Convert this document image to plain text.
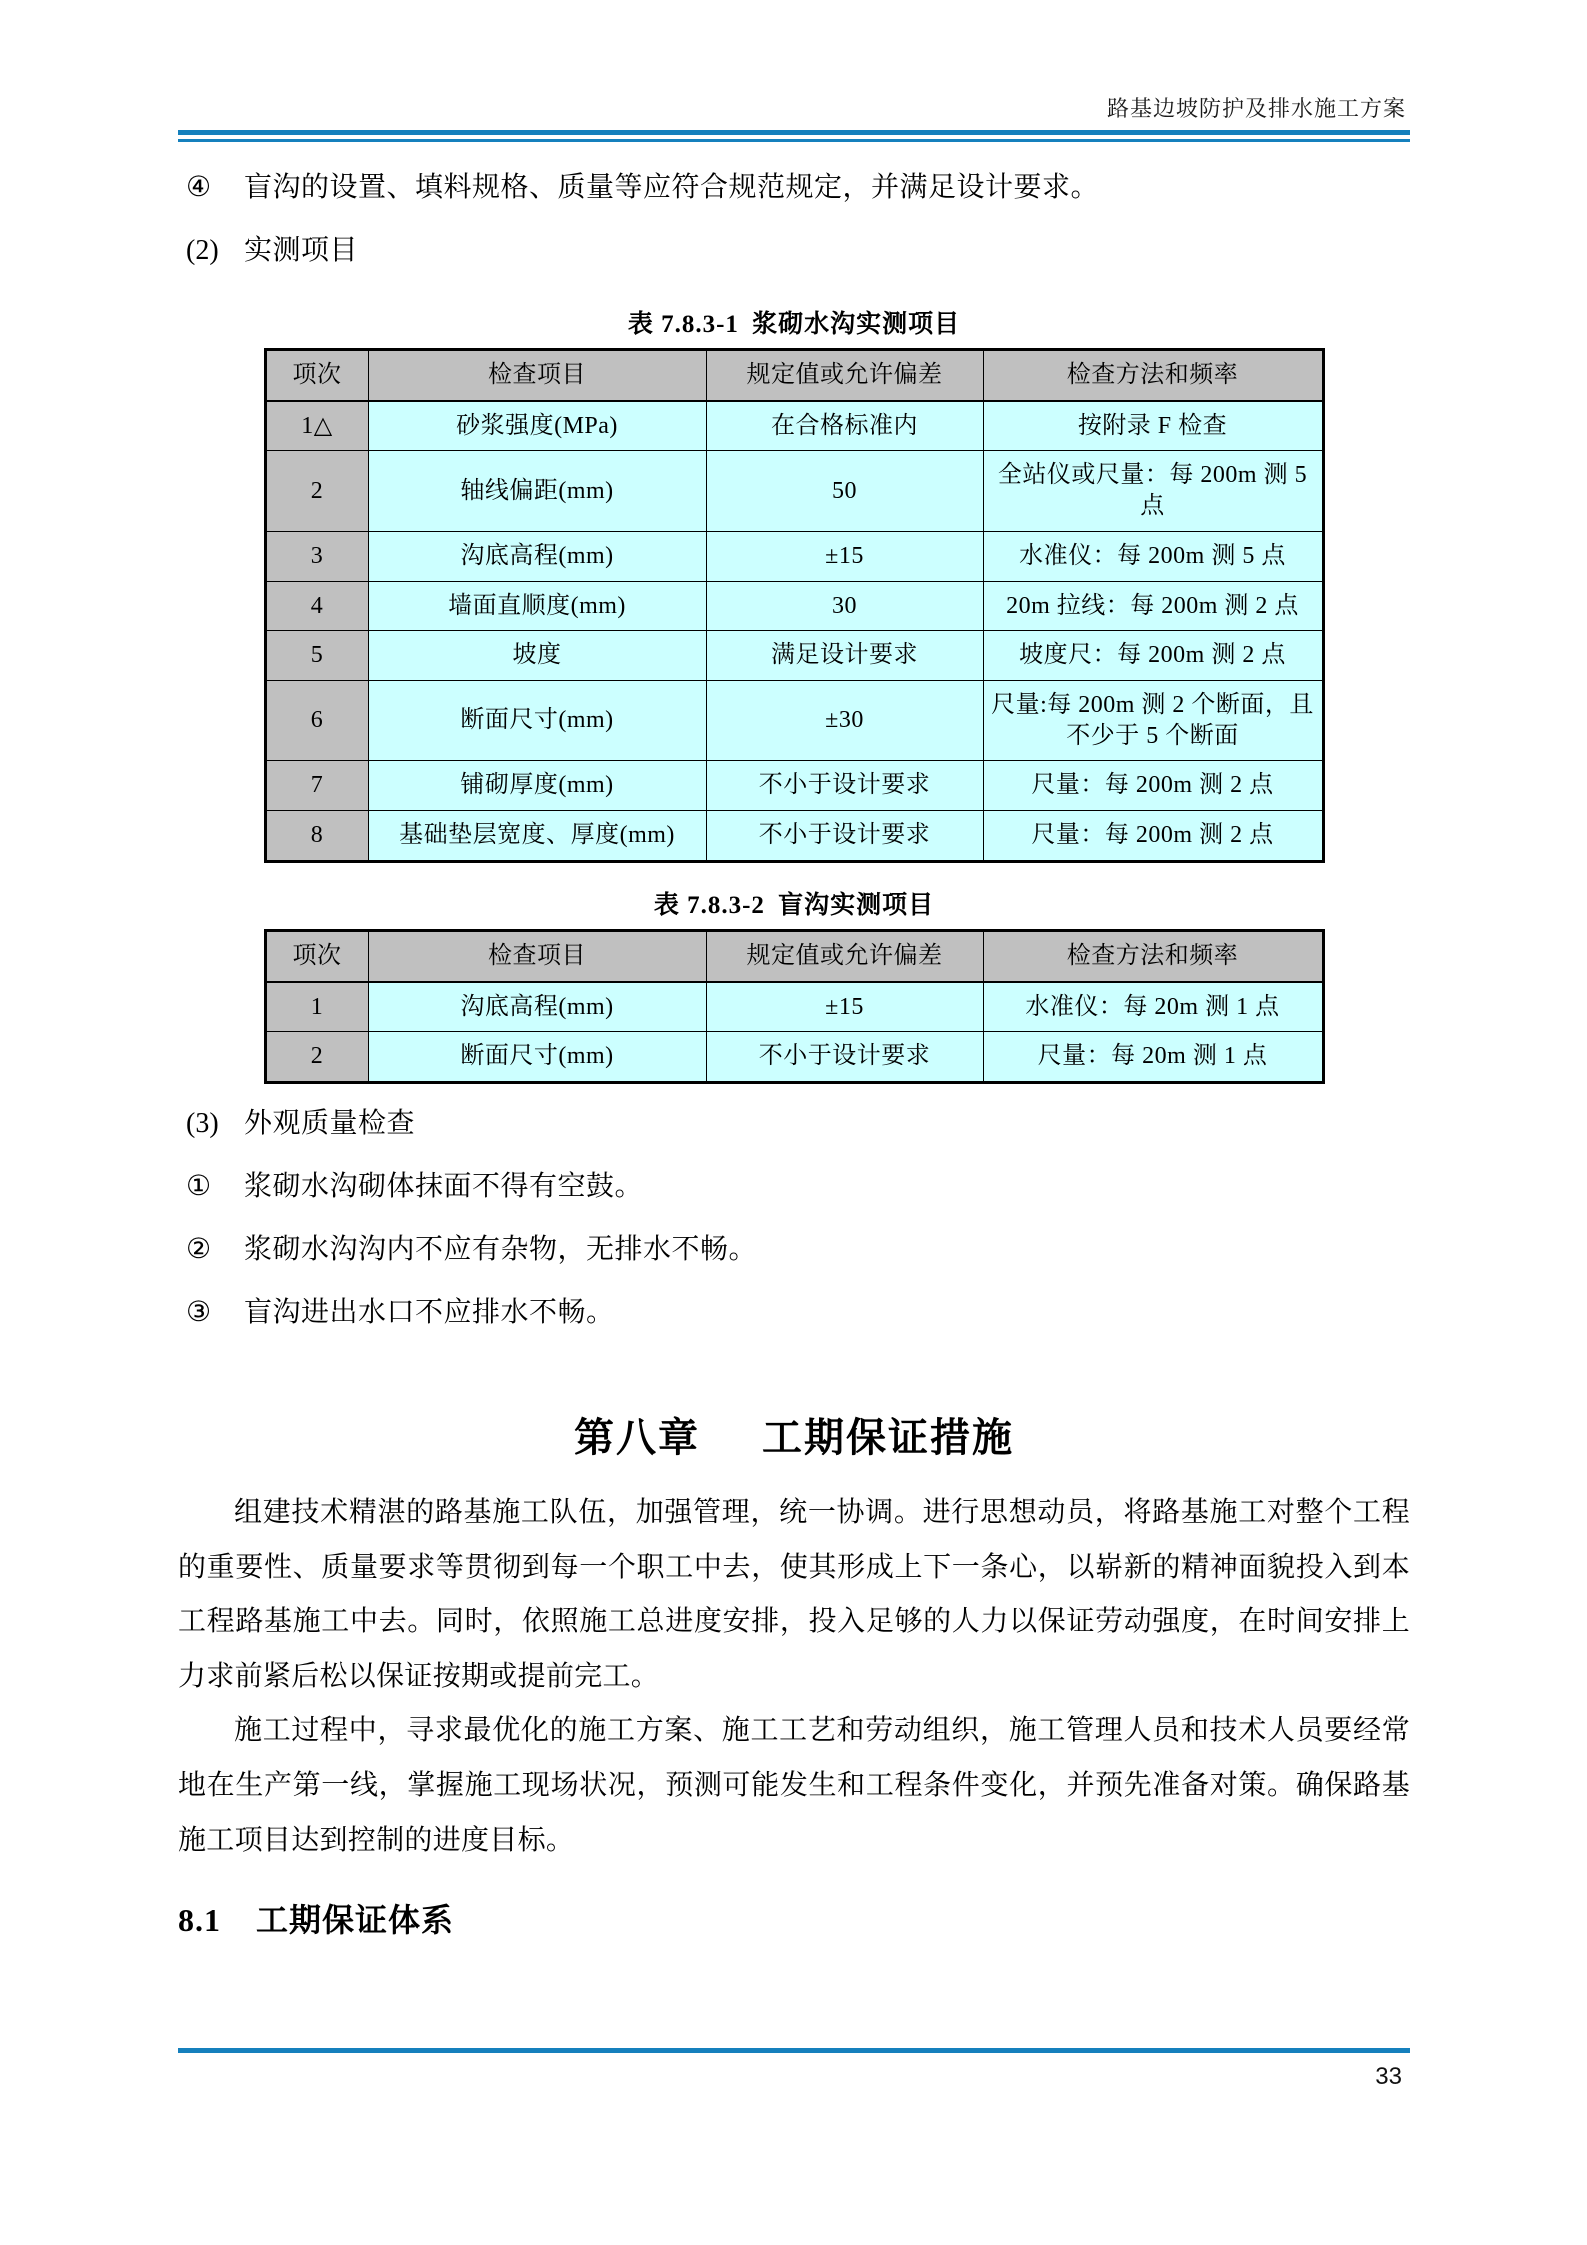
路基边坡防护及排水施工方案
④	盲沟的设置、填料规格、质量等应符合规范规定，并满足设计要求。
(2) 实测项目
表 7.8.3-1 浆砌水沟实测项目
项次	检查项目	规定值或允许偏差	检查方法和频率
1△	砂浆强度(MPa)	在合格标准内	按附录 F 检查
2	轴线偏距(mm)	50	全站仪或尺量：每 200m 测 5 点
3	沟底高程(mm)	±15	水准仪：每 200m 测 5 点
4	墙面直顺度(mm)	30	20m 拉线：每 200m 测 2 点
5	坡度	满足设计要求	坡度尺：每 200m 测 2 点
6	断面尺寸(mm)	±30	尺量:每 200m 测 2 个断面，且不少于 5 个断面
7	铺砌厚度(mm)	不小于设计要求	尺量：每 200m 测 2 点
8	基础垫层宽度、厚度(mm)	不小于设计要求	尺量：每 200m 测 2 点
表 7.8.3-2 盲沟实测项目
项次	检查项目	规定值或允许偏差	检查方法和频率
1	沟底高程(mm)	±15	水准仪：每 20m 测 1 点
2	断面尺寸(mm)	不小于设计要求	尺量：每 20m 测 1 点
(3) 外观质量检查
①	浆砌水沟砌体抹面不得有空鼓。
②	浆砌水沟沟内不应有杂物，无排水不畅。
③	盲沟进出水口不应排水不畅。
第八章 工期保证措施

组建技术精湛的路基施工队伍，加强管理，统一协调。进行思想动员，将路基施工对整个工程的重要性、质量要求等贯彻到每一个职工中去，使其形成上下一条心，以崭新的精神面貌投入到本工程路基施工中去。同时，依照施工总进度安排，投入足够的人力以保证劳动强度，在时间安排上力求前紧后松以保证按期或提前完工。

施工过程中，寻求最优化的施工方案、施工工艺和劳动组织，施工管理人员和技术人员要经常地在生产第一线，掌握施工现场状况，预测可能发生和工程条件变化，并预先准备对策。确保路基施工项目达到控制的进度目标。

8.1 工期保证体系
33
